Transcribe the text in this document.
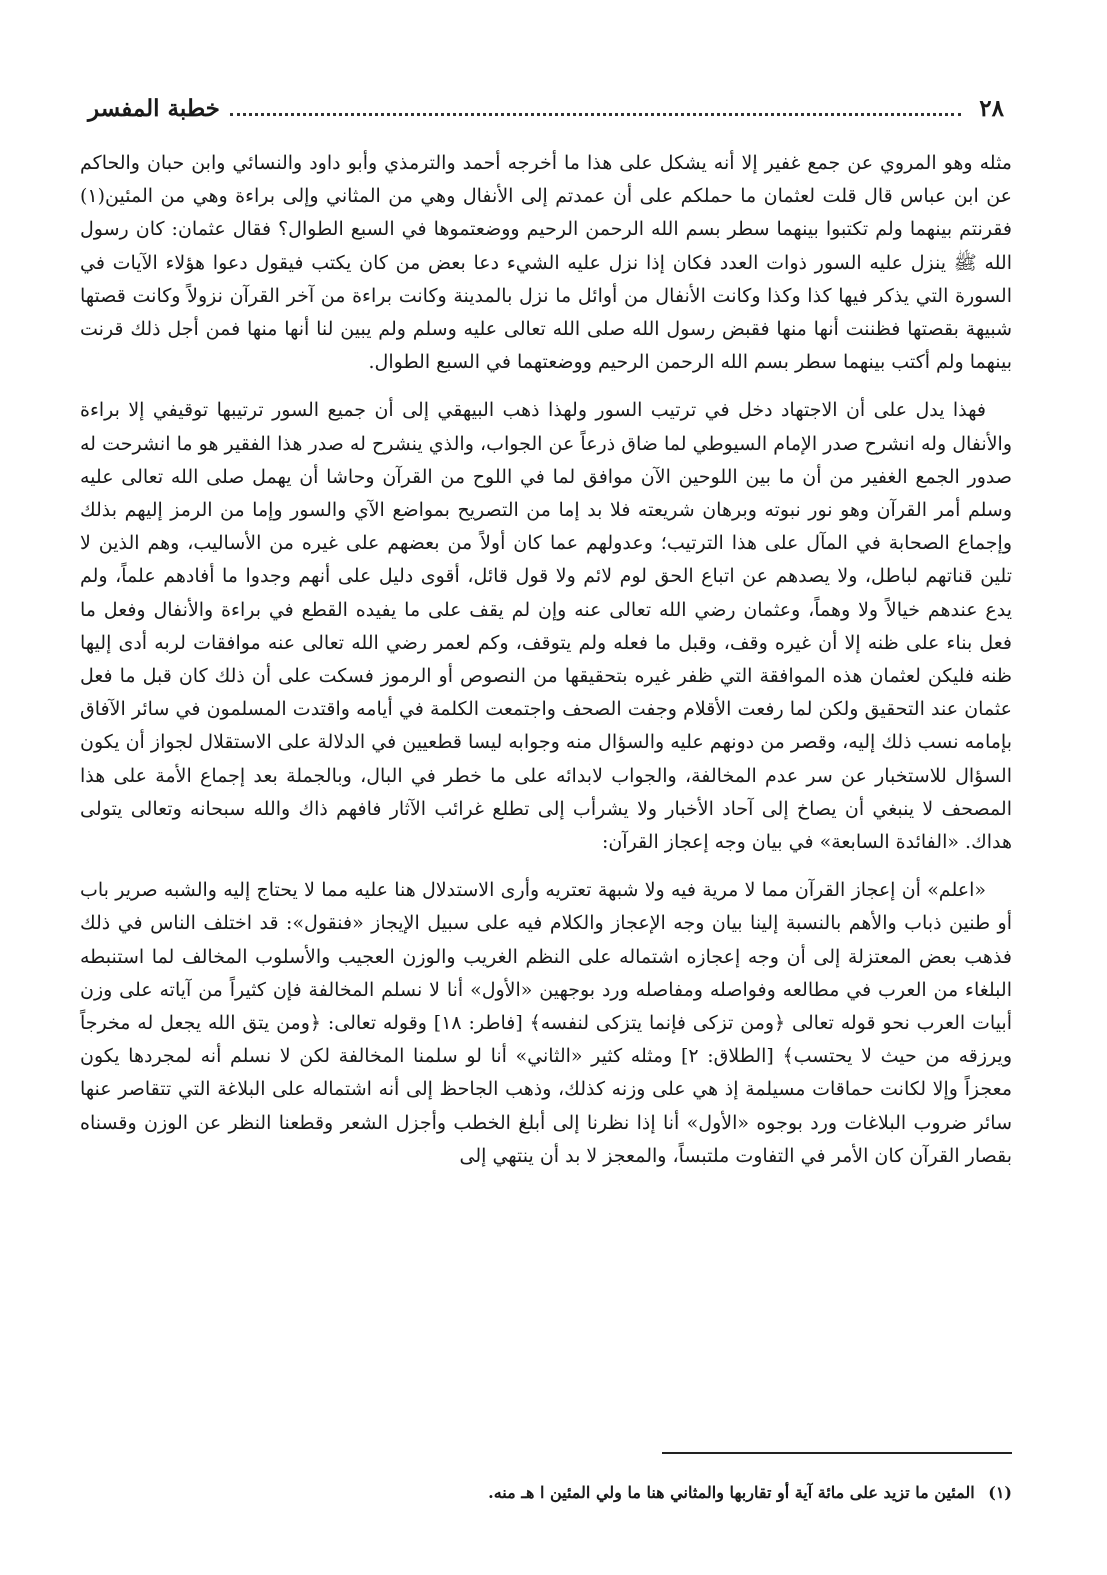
٢٨
خطبة المفسر

مثله وهو المروي عن جمع غفير إلا أنه يشكل على هذا ما أخرجه أحمد والترمذي وأبو داود والنسائي وابن حبان والحاكم عن ابن عباس قال قلت لعثمان ما حملكم على أن عمدتم إلى الأنفال وهي من المثاني وإلى براءة وهي من المئين(١) فقرنتم بينهما ولم تكتبوا بينهما سطر بسم الله الرحمن الرحيم ووضعتموها في السبع الطوال؟ فقال عثمان: كان رسول الله ﷺ ينزل عليه السور ذوات العدد فكان إذا نزل عليه الشيء دعا بعض من كان يكتب فيقول دعوا هؤلاء الآيات في السورة التي يذكر فيها كذا وكذا وكانت الأنفال من أوائل ما نزل بالمدينة وكانت براءة من آخر القرآن نزولاً وكانت قصتها شبيهة بقصتها فظننت أنها منها فقبض رسول الله صلى الله تعالى عليه وسلم ولم يبين لنا أنها منها فمن أجل ذلك قرنت بينهما ولم أكتب بينهما سطر بسم الله الرحمن الرحيم ووضعتهما في السبع الطوال.

فهذا يدل على أن الاجتهاد دخل في ترتيب السور ولهذا ذهب البيهقي إلى أن جميع السور ترتيبها توقيفي إلا براءة والأنفال وله انشرح صدر الإمام السيوطي لما ضاق ذرعاً عن الجواب، والذي ينشرح له صدر هذا الفقير هو ما انشرحت له صدور الجمع الغفير من أن ما بين اللوحين الآن موافق لما في اللوح من القرآن وحاشا أن يهمل صلى الله تعالى عليه وسلم أمر القرآن وهو نور نبوته وبرهان شريعته فلا بد إما من التصريح بمواضع الآي والسور وإما من الرمز إليهم بذلك وإجماع الصحابة في المآل على هذا الترتيب؛ وعدولهم عما كان أولاً من بعضهم على غيره من الأساليب، وهم الذين لا تلين قناتهم لباطل، ولا يصدهم عن اتباع الحق لوم لائم ولا قول قائل، أقوى دليل على أنهم وجدوا ما أفادهم علماً، ولم يدع عندهم خيالاً ولا وهماً، وعثمان رضي الله تعالى عنه وإن لم يقف على ما يفيده القطع في براءة والأنفال وفعل ما فعل بناء على ظنه إلا أن غيره وقف، وقبل ما فعله ولم يتوقف، وكم لعمر رضي الله تعالى عنه موافقات لربه أدى إليها ظنه فليكن لعثمان هذه الموافقة التي ظفر غيره بتحقيقها من النصوص أو الرموز فسكت على أن ذلك كان قبل ما فعل عثمان عند التحقيق ولكن لما رفعت الأقلام وجفت الصحف واجتمعت الكلمة في أيامه واقتدت المسلمون في سائر الآفاق بإمامه نسب ذلك إليه، وقصر من دونهم عليه والسؤال منه وجوابه ليسا قطعيين في الدلالة على الاستقلال لجواز أن يكون السؤال للاستخبار عن سر عدم المخالفة، والجواب لابدائه على ما خطر في البال، وبالجملة بعد إجماع الأمة على هذا المصحف لا ينبغي أن يصاخ إلى آحاد الأخبار ولا يشرأب إلى تطلع غرائب الآثار فافهم ذاك والله سبحانه وتعالى يتولى هداك. «الفائدة السابعة» في بيان وجه إعجاز القرآن:

«اعلم» أن إعجاز القرآن مما لا مرية فيه ولا شبهة تعتريه وأرى الاستدلال هنا عليه مما لا يحتاج إليه والشبه صرير باب أو طنين ذباب والأهم بالنسبة إلينا بيان وجه الإعجاز والكلام فيه على سبيل الإيجاز «فنقول»: قد اختلف الناس في ذلك فذهب بعض المعتزلة إلى أن وجه إعجازه اشتماله على النظم الغريب والوزن العجيب والأسلوب المخالف لما استنبطه البلغاء من العرب في مطالعه وفواصله ومفاصله ورد بوجهين «الأول» أنا لا نسلم المخالفة فإن كثيراً من آياته على وزن أبيات العرب نحو قوله تعالى ﴿ومن تزكى فإنما يتزكى لنفسه﴾ [فاطر: ١٨] وقوله تعالى: ﴿ومن يتق الله يجعل له مخرجاً ويرزقه من حيث لا يحتسب﴾ [الطلاق: ٢] ومثله كثير «الثاني» أنا لو سلمنا المخالفة لكن لا نسلم أنه لمجردها يكون معجزاً وإلا لكانت حماقات مسيلمة إذ هي على وزنه كذلك، وذهب الجاحظ إلى أنه اشتماله على البلاغة التي تتقاصر عنها سائر ضروب البلاغات ورد بوجوه «الأول» أنا إذا نظرنا إلى أبلغ الخطب وأجزل الشعر وقطعنا النظر عن الوزن وقسناه بقصار القرآن كان الأمر في التفاوت ملتبساً، والمعجز لا بد أن ينتهي إلى

(١) المئين ما تزيد على مائة آية أو تقاربها والمثاني هنا ما ولي المئين ا هـ منه.
